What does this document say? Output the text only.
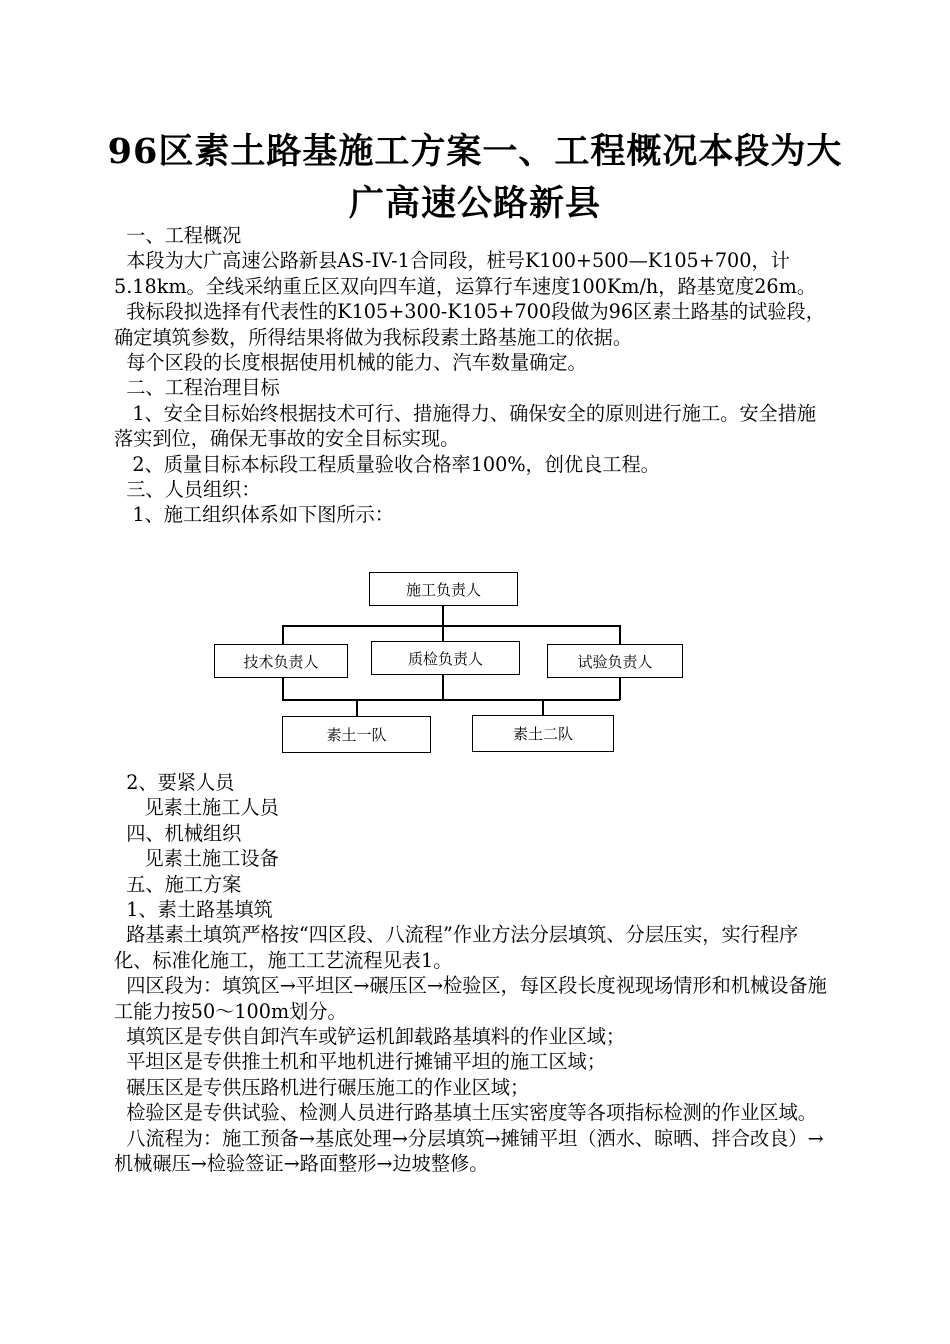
96区素土路基施工方案一、工程概况本段为大广高速公路新县

一、工程概况

本段为大广高速公路新县AS-IV-1合同段，桩号K100+500—K105+700，计5.18km。全线采纳重丘区双向四车道，运算行车速度100Km/h，路基宽度26m。

我标段拟选择有代表性的K105+300-K105+700段做为96区素土路基的试验段，确定填筑参数，所得结果将做为我标段素土路基施工的依据。

每个区段的长度根据使用机械的能力、汽车数量确定。

二、工程治理目标

1、安全目标始终根据技术可行、措施得力、确保安全的原则进行施工。安全措施落实到位，确保无事故的安全目标实现。

2、质量目标本标段工程质量验收合格率100%，创优良工程。

三、人员组织：

1、施工组织体系如下图所示：

施工负责人
技术负责人	质检负责人	试验负责人
素土一队	素土二队

2、要紧人员

见素土施工人员

四、机械组织

见素土施工设备

五、施工方案

1、素土路基填筑

路基素土填筑严格按“四区段、八流程”作业方法分层填筑、分层压实，实行程序化、标准化施工，施工工艺流程见表1。

四区段为：填筑区→平坦区→碾压区→检验区，每区段长度视现场情形和机械设备施工能力按50～100m划分。

填筑区是专供自卸汽车或铲运机卸载路基填料的作业区域；

平坦区是专供推土机和平地机进行摊铺平坦的施工区域；

碾压区是专供压路机进行碾压施工的作业区域；

检验区是专供试验、检测人员进行路基填土压实密度等各项指标检测的作业区域。

八流程为：施工预备→基底处理→分层填筑→摊铺平坦（洒水、晾晒、拌合改良）→机械碾压→检验签证→路面整形→边坡整修。
